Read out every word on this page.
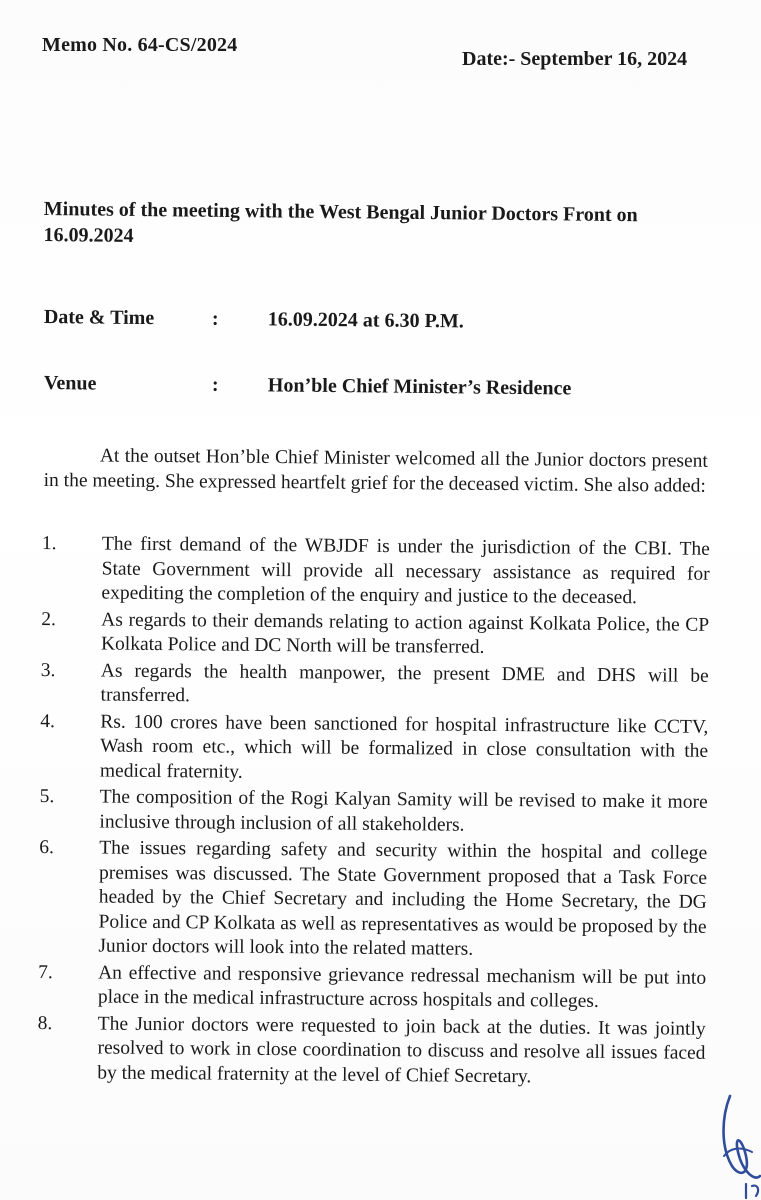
Memo No. 64-CS/2024
Date:- September 16, 2024
Minutes of the meeting with the West Bengal Junior Doctors Front on 16.09.2024
Date & Time	: 16.09.2024 at 6.30 P.M.
Venue	: Hon’ble Chief Minister’s Residence
At the outset Hon’ble Chief Minister welcomed all the Junior doctors present in the meeting. She expressed heartfelt grief for the deceased victim. She also added:
1. The first demand of the WBJDF is under the jurisdiction of the CBI. The State Government will provide all necessary assistance as required for expediting the completion of the enquiry and justice to the deceased.
2. As regards to their demands relating to action against Kolkata Police, the CP Kolkata Police and DC North will be transferred.
3. As regards the health manpower, the present DME and DHS will be transferred.
4. Rs. 100 crores have been sanctioned for hospital infrastructure like CCTV, Wash room etc., which will be formalized in close consultation with the medical fraternity.
5. The composition of the Rogi Kalyan Samity will be revised to make it more inclusive through inclusion of all stakeholders.
6. The issues regarding safety and security within the hospital and college premises was discussed. The State Government proposed that a Task Force headed by the Chief Secretary and including the Home Secretary, the DG Police and CP Kolkata as well as representatives as would be proposed by the Junior doctors will look into the related matters.
7. An effective and responsive grievance redressal mechanism will be put into place in the medical infrastructure across hospitals and colleges.
8. The Junior doctors were requested to join back at the duties. It was jointly resolved to work in close coordination to discuss and resolve all issues faced by the medical fraternity at the level of Chief Secretary.
